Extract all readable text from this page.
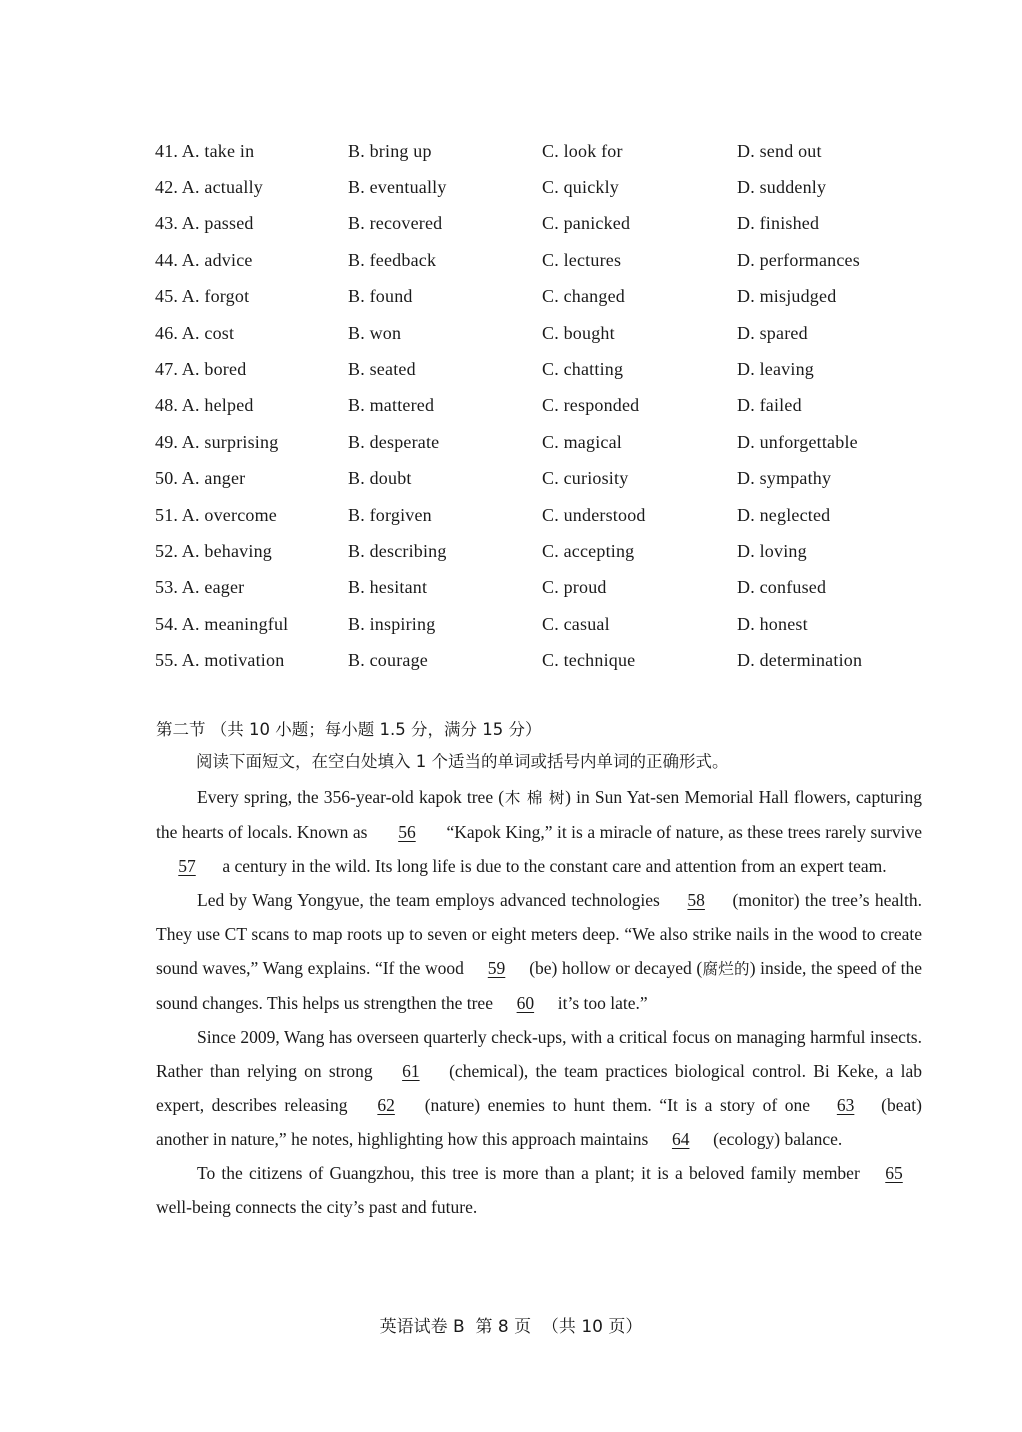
41. A. take in	B. bring up	C. look for	D. send out
42. A. actually	B. eventually	C. quickly	D. suddenly
43. A. passed	B. recovered	C. panicked	D. finished
44. A. advice	B. feedback	C. lectures	D. performances
45. A. forgot	B. found	C. changed	D. misjudged
46. A. cost	B. won	C. bought	D. spared
47. A. bored	B. seated	C. chatting	D. leaving
48. A. helped	B. mattered	C. responded	D. failed
49. A. surprising	B. desperate	C. magical	D. unforgettable
50. A. anger	B. doubt	C. curiosity	D. sympathy
51. A. overcome	B. forgiven	C. understood	D. neglected
52. A. behaving	B. describing	C. accepting	D. loving
53. A. eager	B. hesitant	C. proud	D. confused
54. A. meaningful	B. inspiring	C. casual	D. honest
55. A. motivation	B. courage	C. technique	D. determination
第二节 （共 10 小题；每小题 1.5 分，满分 15 分）
阅读下面短文，在空白处填入 1 个适当的单词或括号内单词的正确形式。

Every spring, the 356-year-old kapok tree (木 棉 树) in Sun Yat-sen Memorial Hall flowers, capturing the hearts of locals. Known as 56 “Kapok King,” it is a miracle of nature, as these trees rarely survive 57 a century in the wild. Its long life is due to the constant care and attention from an expert team.

Led by Wang Yongyue, the team employs advanced technologies 58 (monitor) the tree’s health. They use CT scans to map roots up to seven or eight meters deep. “We also strike nails in the wood to create sound waves,” Wang explains. “If the wood 59 (be) hollow or decayed (腐烂的) inside, the speed of the sound changes. This helps us strengthen the tree 60 it’s too late.”

Since 2009, Wang has overseen quarterly check-ups, with a critical focus on managing harmful insects. Rather than relying on strong 61 (chemical), the team practices biological control. Bi Keke, a lab expert, describes releasing 62 (nature) enemies to hunt them. “It is a story of one 63 (beat) another in nature,” he notes, highlighting how this approach maintains 64 (ecology) balance.

To the citizens of Guangzhou, this tree is more than a plant; it is a beloved family member 65 well-being connects the city’s past and future.

英语试卷 B  第 8 页  （共 10 页）
